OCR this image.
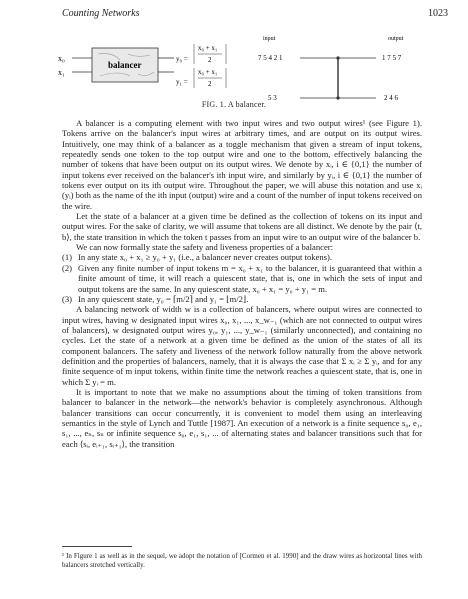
Counting Networks	1023
x₀
x₁
balancer
y₀ =
y₁ =
x₀ + x₁
2
x₀ + x₁
2
input	output
7 5 4 2 1
5 3
1 7 5 7
2 4 6
FIG. 1. A balancer.

A balancer is a computing element with two input wires and two output wires¹ (see Figure 1). Tokens arrive on the balancer's input wires at arbitrary times, and are output on its output wires. Intuitively, one may think of a balancer as a toggle mechanism that given a stream of input tokens, repeatedly sends one token to the top output wire and one to the bottom, effectively balancing the number of tokens that have been output on its output wires. We denote by xᵢ, i ∈ {0,1} the number of input tokens ever received on the balancer's ith input wire, and similarly by yᵢ, i ∈ {0,1} the number of tokens ever output on its ith output wire. Throughout the paper, we will abuse this notation and use xᵢ (yᵢ) both as the name of the ith input (output) wire and a count of the number of input tokens received on the wire.

Let the state of a balancer at a given time be defined as the collection of tokens on its input and output wires. For the sake of clarity, we will assume that tokens are all distinct. We denote by the pair ⟨t, b⟩, the state transition in which the token t passes from an input wire to an output wire of the balancer b.

We can now formally state the safety and liveness properties of a balancer:

(1) In any state x₀ + x₁ ≥ y₀ + y₁ (i.e., a balancer never creates output tokens).
(2) Given any finite number of input tokens m = x₀ + x₁ to the balancer, it is guaranteed that within a finite amount of time, it will reach a quiescent state, that is, one in which the sets of input and output tokens are the same. In any quiescent state, x₀ + x₁ = y₀ + y₁ = m.
(3) In any quiescent state, y₀ = ⌈m/2⌉ and y₁ = ⌊m/2⌋.

A balancing network of width w is a collection of balancers, where output wires are connected to input wires, having w designated input wires x₀, x₁, ..., x_w₋₁ (which are not connected to output wires of balancers), w designated output wires y₀, y₁, ..., y_w₋₁ (similarly unconnected), and containing no cycles. Let the state of a network at a given time be defined as the union of the states of all its component balancers. The safety and liveness of the network follow naturally from the above network definition and the properties of balancers, namely, that it is always the case that Σ xᵢ ≥ Σ yᵢ, and for any finite sequence of m input tokens, within finite time the network reaches a quiescent state, that is, one in which Σ yᵢ = m.

It is important to note that we make no assumptions about the timing of token transitions from balancer to balancer in the network—the network's behavior is completely asynchronous. Although balancer transitions can occur concurrently, it is convenient to model them using an interleaving semantics in the style of Lynch and Tuttle [1987]. An execution of a network is a finite sequence s₀, e₁, s₁, ..., eₙ, sₙ or infinite sequence s₀, e₁, s₁, ... of alternating states and balancer transitions such that for each ⟨sᵢ, eᵢ₊₁, sᵢ₊₁⟩, the transition

¹ In Figure 1 as well as in the sequel, we adopt the notation of [Cormen et al. 1990] and the draw wires as horizontal lines with balancers stretched vertically.
